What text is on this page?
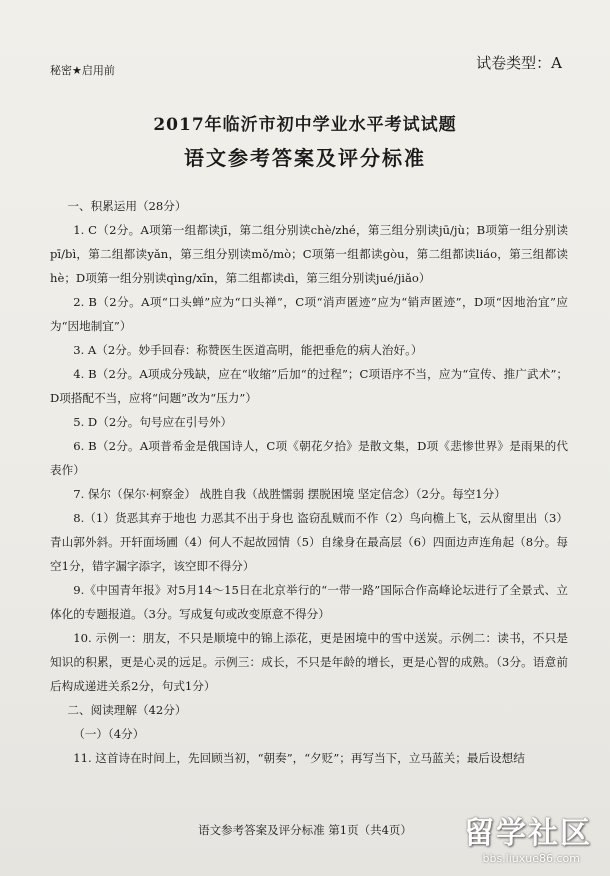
秘密★启用前	试卷类型：A
2017年临沂市初中学业水平考试试题
语文参考答案及评分标准

一、积累运用（28分）

1. C（2分。A项第一组都读jī，第二组分别读chè/zhé，第三组分别读jū/jù；B项第一组分别读pī/bì，第二组都读yǎn，第三组分别读mǒ/mò；C项第一组都读gòu，第二组都读liáo，第三组都读hè；D项第一组分别读qìng/xīn，第二组都读dì，第三组分别读jué/jiǎo）

2. B（2分。A项“口头蝉”应为“口头禅”，C项“消声匿迹”应为“销声匿迹”，D项“因地治宜”应为“因地制宜”）

3. A（2分。妙手回春：称赞医生医道高明，能把垂危的病人治好。）

4. B（2分。A项成分残缺，应在“收缩”后加“的过程”；C项语序不当，应为“宣传、推广武术”；D项搭配不当，应将“问题”改为“压力”）

5. D（2分。句号应在引号外）

6. B（2分。A项普希金是俄国诗人，C项《朝花夕拾》是散文集，D项《悲惨世界》是雨果的代表作）

7. 保尔（保尔·柯察金） 战胜自我（战胜懦弱 摆脱困境 坚定信念）（2分。每空1分）

8.（1）货恶其弃于地也 力恶其不出于身也 盗窃乱贼而不作（2）鸟向檐上飞，云从窗里出（3）青山郭外斜。开轩面场圃（4）何人不起故园情（5）自缘身在最高层（6）四面边声连角起（8分。每空1分，错字漏字添字，该空即不得分）

9.《中国青年报》对5月14～15日在北京举行的“一带一路”国际合作高峰论坛进行了全景式、立体化的专题报道。（3分。写成复句或改变原意不得分）

10. 示例一：朋友，不只是顺境中的锦上添花，更是困境中的雪中送炭。示例二：读书，不只是知识的积累，更是心灵的远足。示例三：成长，不只是年龄的增长，更是心智的成熟。（3分。语意前后构成递进关系2分，句式1分）

二、阅读理解（42分）

（一）（4分）

11. 这首诗在时间上，先回顾当初，“朝奏”，“夕贬”；再写当下，立马蓝关；最后设想结

语文参考答案及评分标准 第1页（共4页）	留学社区
bbs.liuxue86.com
